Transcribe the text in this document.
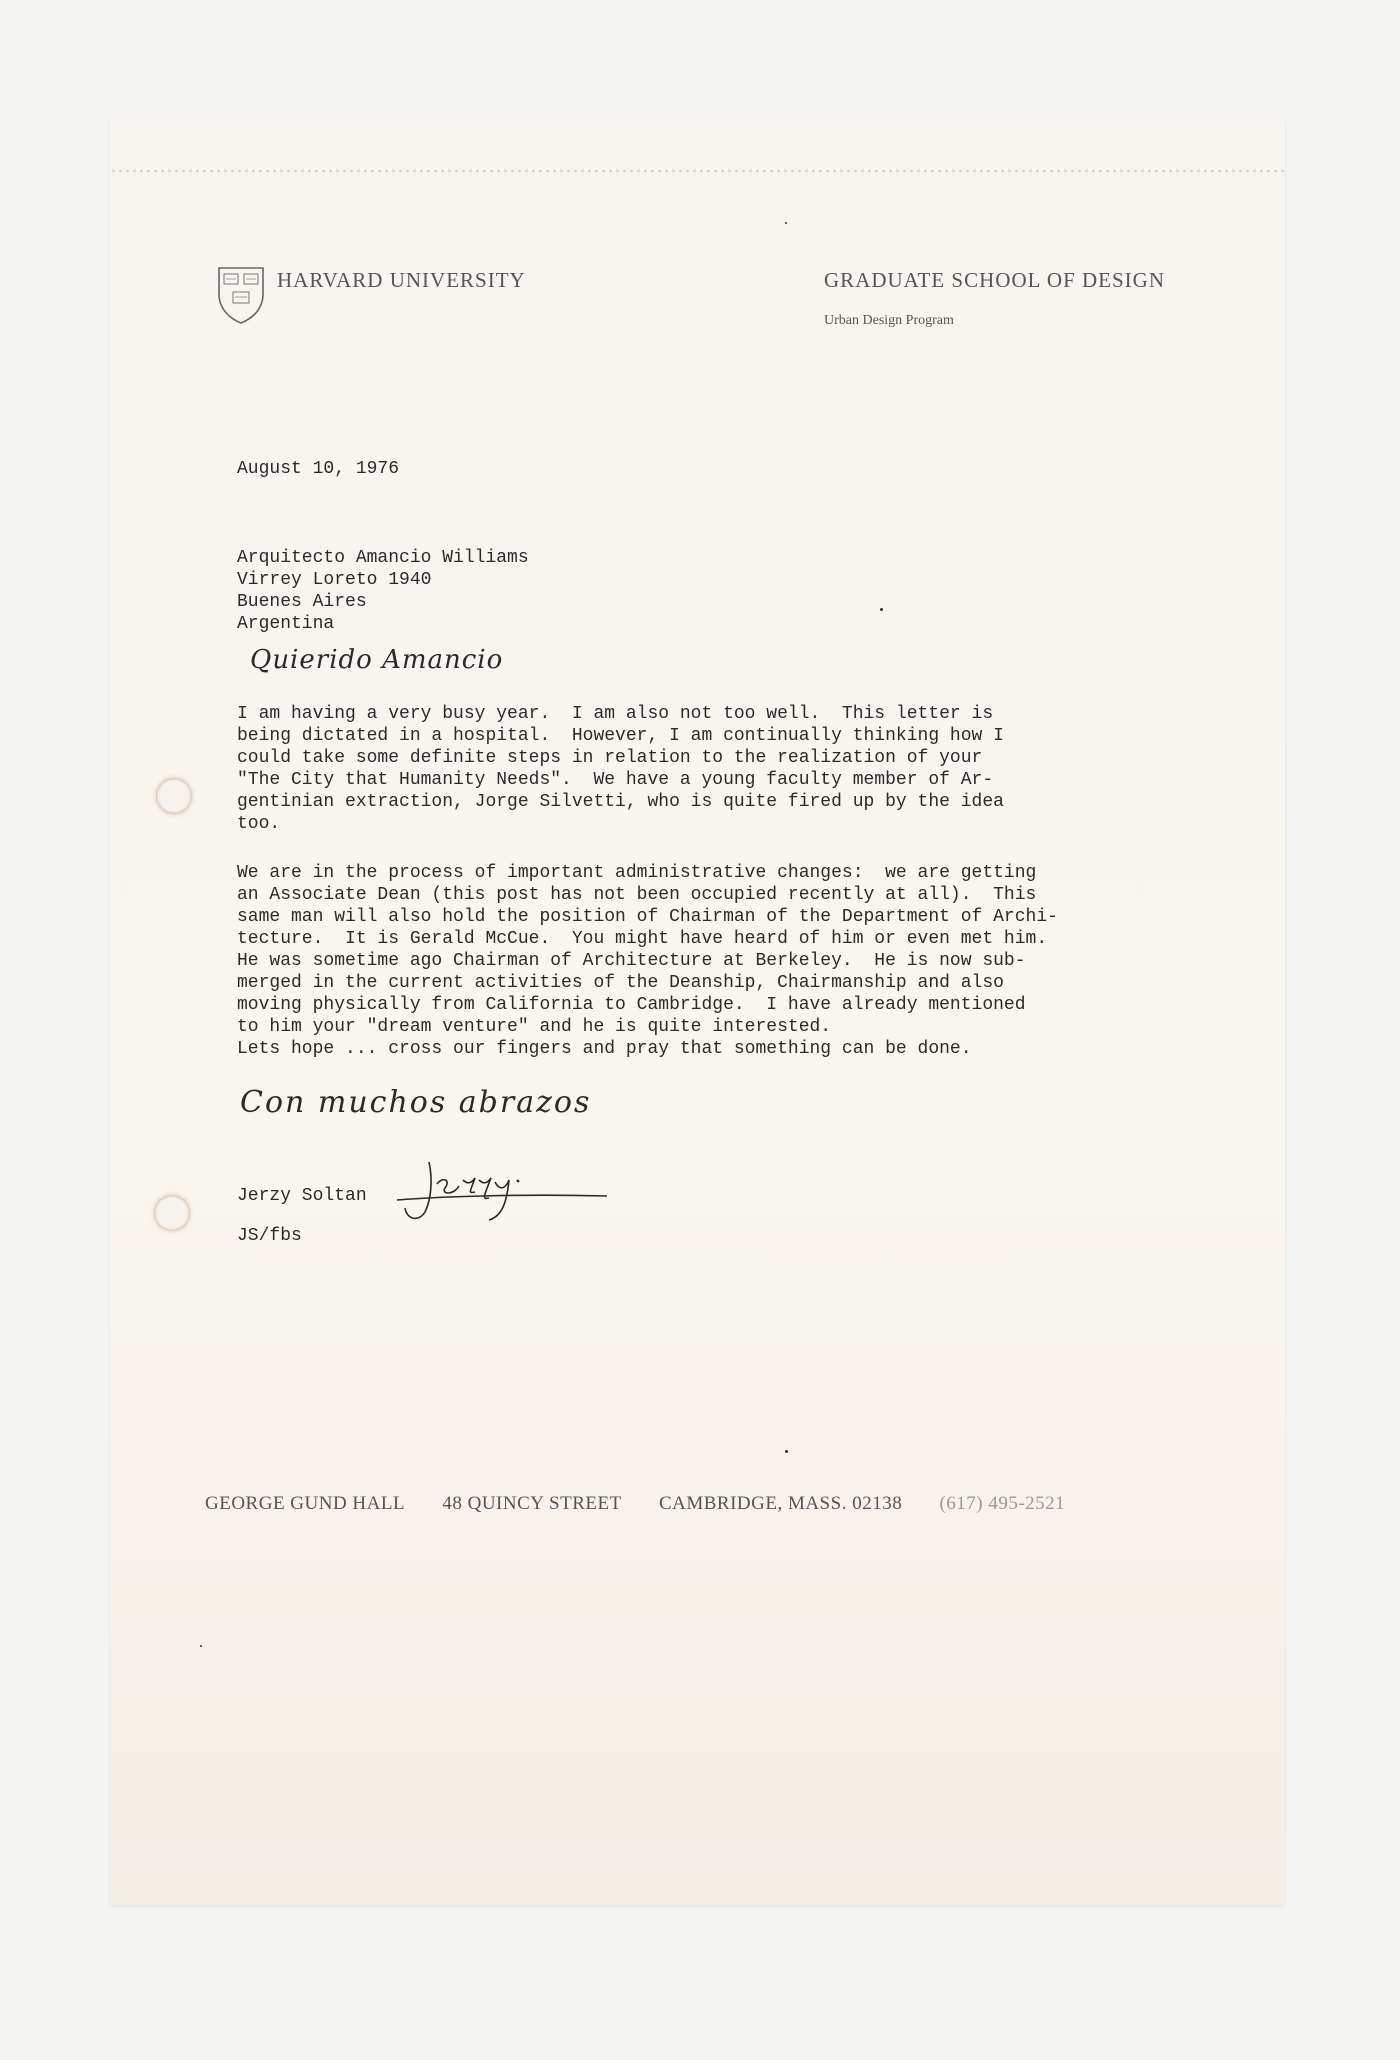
HARVARD UNIVERSITY	GRADUATE SCHOOL OF DESIGN
Urban Design Program
August 10, 1976
Arquitecto Amancio Williams
Virrey Loreto 1940
Buenes Aires
Argentina
Quierido Amancio
I am having a very busy year.  I am also not too well.  This letter is
being dictated in a hospital.  However, I am continually thinking how I
could take some definite steps in relation to the realization of your
"The City that Humanity Needs".  We have a young faculty member of Ar-
gentinian extraction, Jorge Silvetti, who is quite fired up by the idea
too.
We are in the process of important administrative changes:  we are getting
an Associate Dean (this post has not been occupied recently at all).  This
same man will also hold the position of Chairman of the Department of Archi-
tecture.  It is Gerald McCue.  You might have heard of him or even met him.
He was sometime ago Chairman of Architecture at Berkeley.  He is now sub-
merged in the current activities of the Deanship, Chairmanship and also
moving physically from California to Cambridge.  I have already mentioned
to him your "dream venture" and he is quite interested.
Lets hope ... cross our fingers and pray that something can be done.
Con muchos abrazos
Jerzy Soltan
JS/fbs
GEORGE GUND HALL 48 QUINCY STREET CAMBRIDGE, MASS. 02138 (617) 495-2521
